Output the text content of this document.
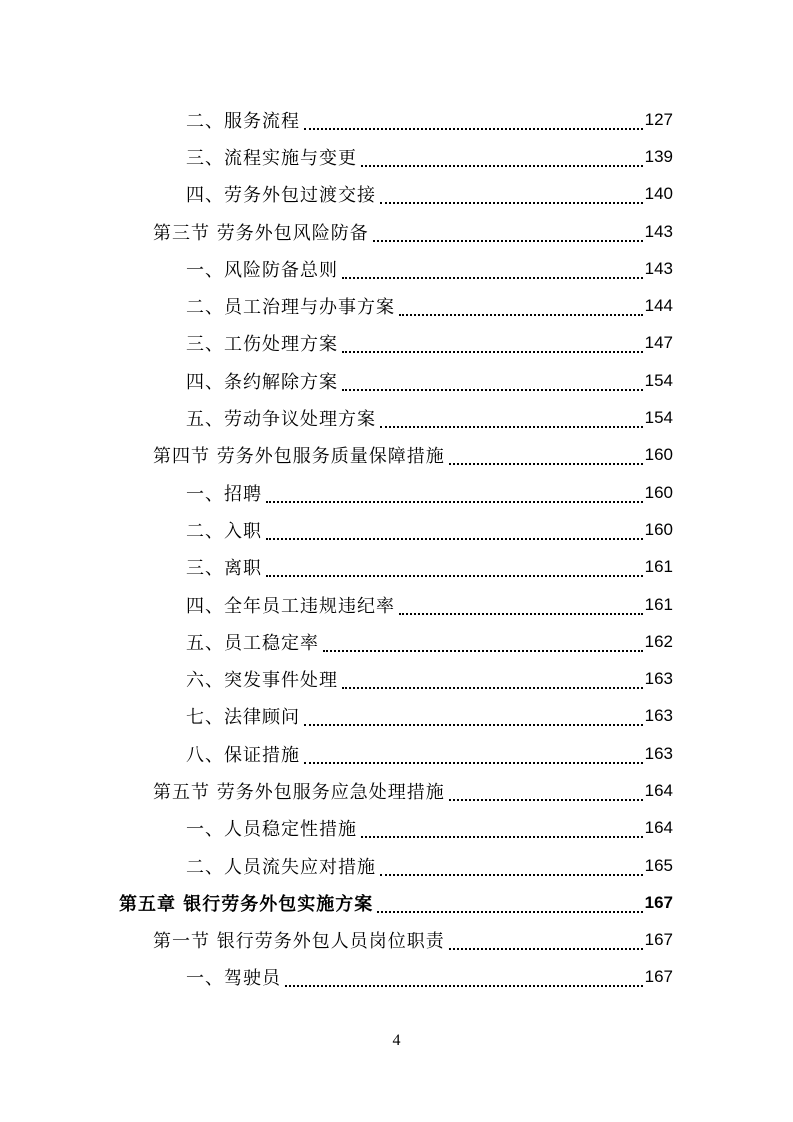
二、服务流程	127
三、流程实施与变更	139
四、劳务外包过渡交接	140
第三节 劳务外包风险防备	143
一、风险防备总则	143
二、员工治理与办事方案	144
三、工伤处理方案	147
四、条约解除方案	154
五、劳动争议处理方案	154
第四节 劳务外包服务质量保障措施	160
一、招聘	160
二、入职	160
三、离职	161
四、全年员工违规违纪率	161
五、员工稳定率	162
六、突发事件处理	163
七、法律顾问	163
八、保证措施	163
第五节 劳务外包服务应急处理措施	164
一、人员稳定性措施	164
二、人员流失应对措施	165
第五章 银行劳务外包实施方案	167
第一节 银行劳务外包人员岗位职责	167
一、驾驶员	167
4
